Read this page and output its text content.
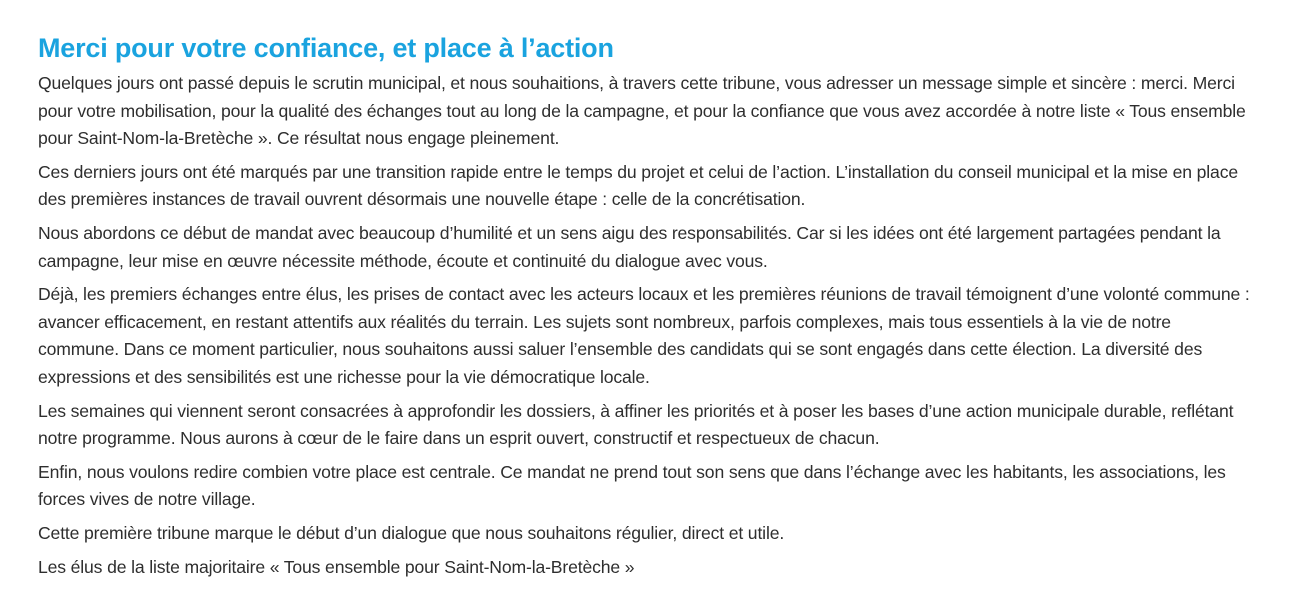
Merci pour votre confiance, et place à l’action

Quelques jours ont passé depuis le scrutin municipal, et nous souhaitions, à travers cette tribune, vous adresser un message simple et sincère : merci. Merci pour votre mobilisation, pour la qualité des échanges tout au long de la campagne, et pour la confiance que vous avez accordée à notre liste « Tous ensemble pour Saint-Nom-la-Bretèche ». Ce résultat nous engage pleinement.

Ces derniers jours ont été marqués par une transition rapide entre le temps du projet et celui de l’action. L’installation du conseil municipal et la mise en place des premières instances de travail ouvrent désormais une nouvelle étape : celle de la concrétisation.

Nous abordons ce début de mandat avec beaucoup d’humilité et un sens aigu des responsabilités. Car si les idées ont été largement partagées pendant la campagne, leur mise en œuvre nécessite méthode, écoute et continuité du dialogue avec vous.

Déjà, les premiers échanges entre élus, les prises de contact avec les acteurs locaux et les premières réunions de travail témoignent d’une volonté commune : avancer efficacement, en restant attentifs aux réalités du terrain. Les sujets sont nombreux, parfois complexes, mais tous essentiels à la vie de notre commune. Dans ce moment particulier, nous souhaitons aussi saluer l’ensemble des candidats qui se sont engagés dans cette élection. La diversité des expressions et des sensibilités est une richesse pour la vie démocratique locale.

Les semaines qui viennent seront consacrées à approfondir les dossiers, à affiner les priorités et à poser les bases d’une action municipale durable, reflétant notre programme. Nous aurons à cœur de le faire dans un esprit ouvert, constructif et respectueux de chacun.

Enfin, nous voulons redire combien votre place est centrale. Ce mandat ne prend tout son sens que dans l’échange avec les habitants, les associations, les forces vives de notre village.

Cette première tribune marque le début d’un dialogue que nous souhaitons régulier, direct et utile.

Les élus de la liste majoritaire « Tous ensemble pour Saint-Nom-la-Bretèche »
